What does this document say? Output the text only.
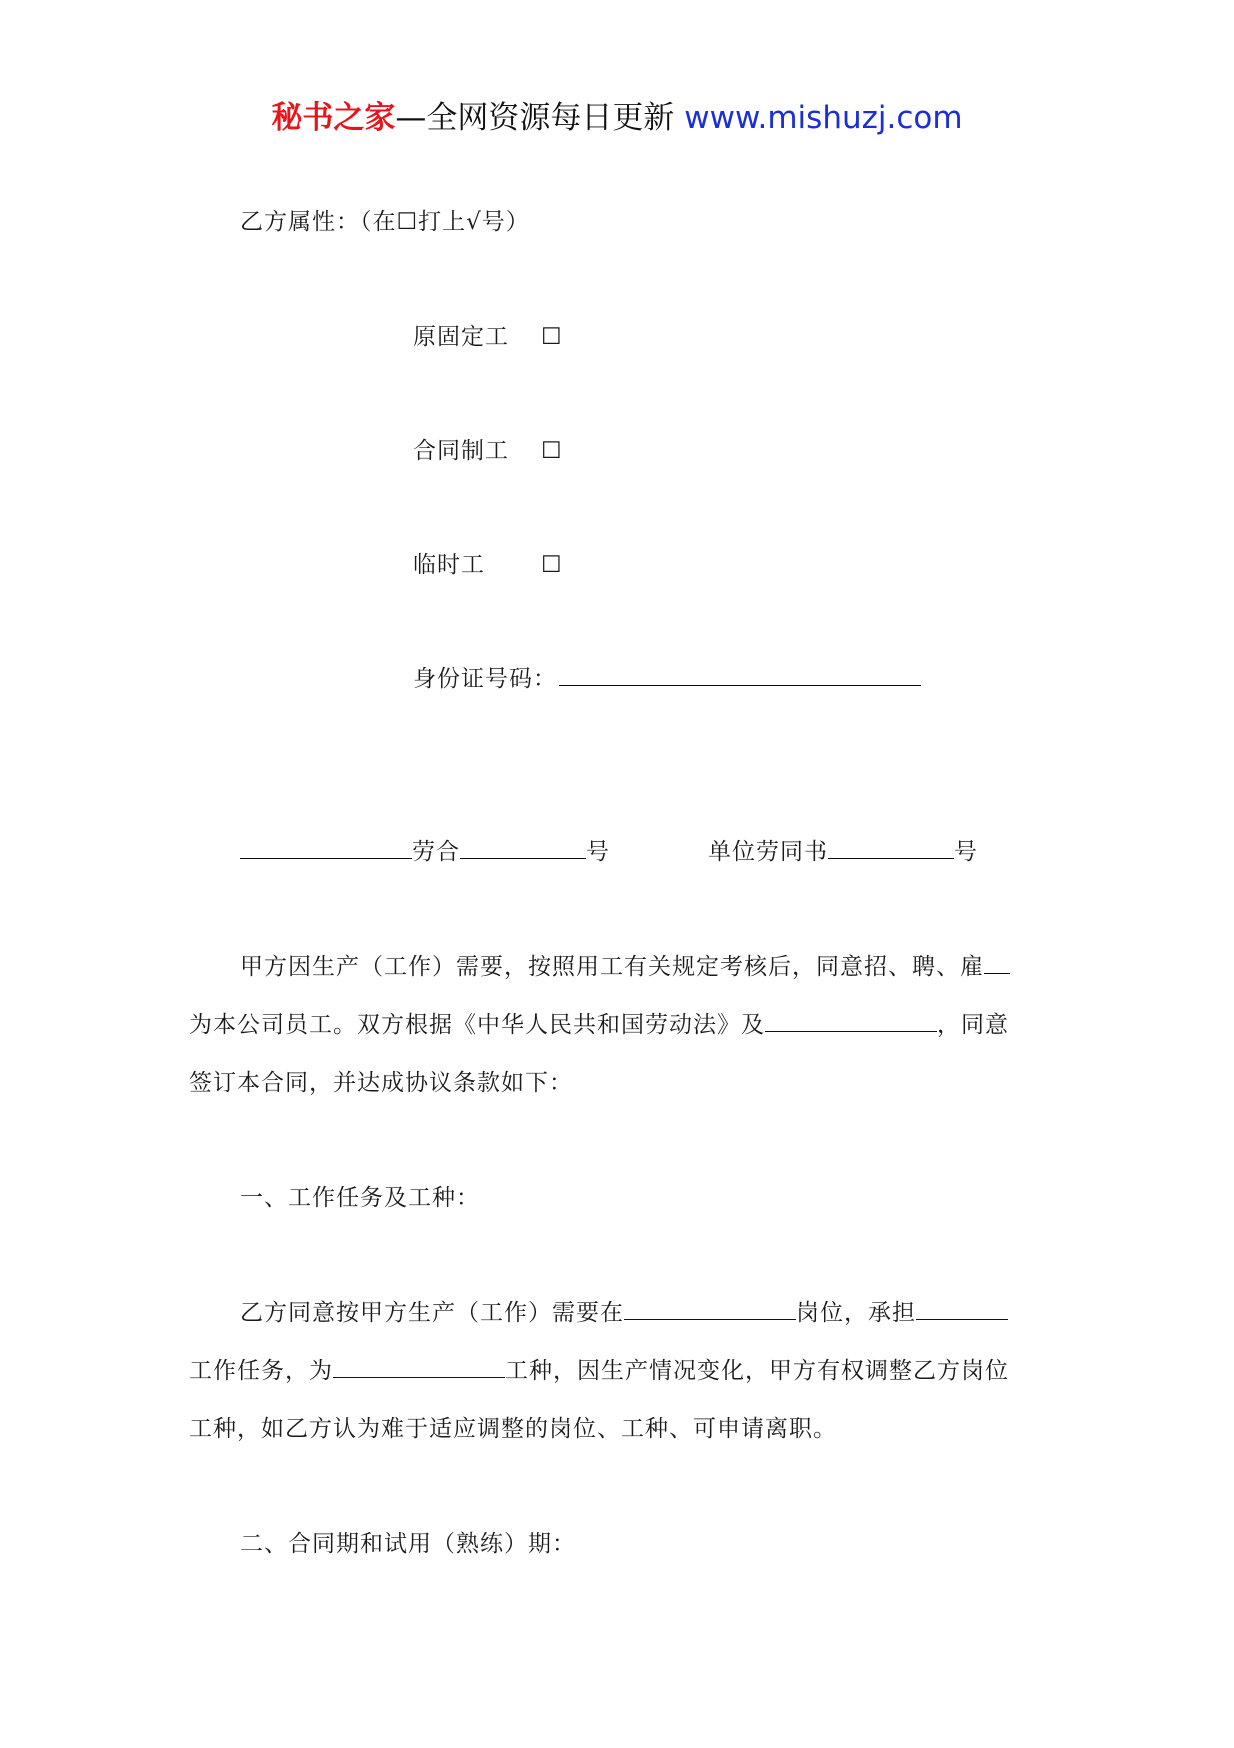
秘书之家—全网资源每日更新 www.mishuzj.com
乙方属性：（在☐打上√号）
原固定工 ☐
合同制工 ☐
临时工 ☐
身份证号码：
劳合	号	单位劳同书	号
甲方因生产（工作）需要，按照用工有关规定考核后，同意招、聘、雇
为本公司员工。双方根据《中华人民共和国劳动法》及	，同意
签订本合同，并达成协议条款如下：
一、工作任务及工种：
乙方同意按甲方生产（工作）需要在	岗位，承担
工作任务，为	工种，因生产情况变化，甲方有权调整乙方岗位
工种，如乙方认为难于适应调整的岗位、工种、可申请离职。
二、合同期和试用（熟练）期：
